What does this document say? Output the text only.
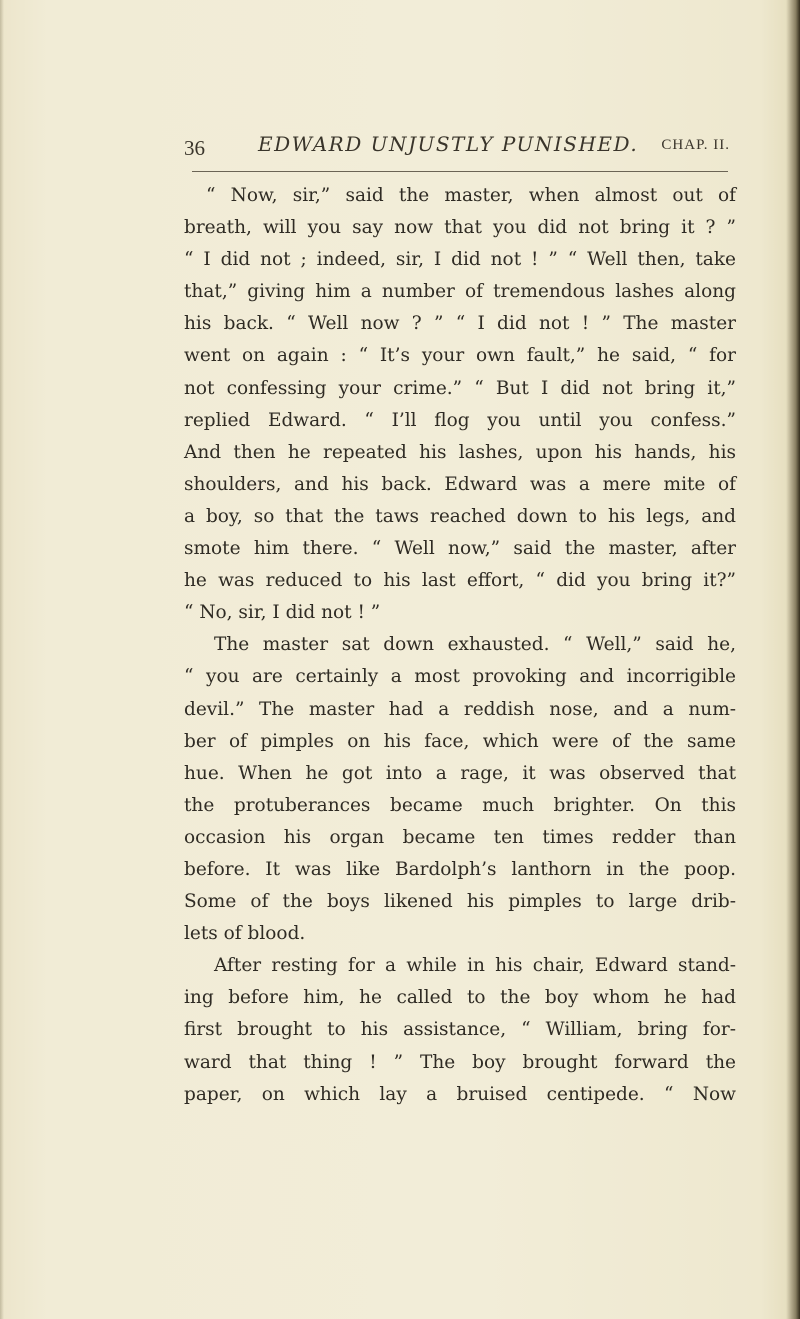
36	EDWARD UNJUSTLY PUNISHED. CHAP. II.
“ Now, sir,” said the master, when almost out of
breath, will you say now that you did not bring it ? ”
“ I did not ; indeed, sir, I did not ! ” “ Well then, take
that,” giving him a number of tremendous lashes along
his back. “ Well now ? ” “ I did not ! ” The master
went on again : “ It’s your own fault,” he said, “ for
not confessing your crime.” “ But I did not bring it,”
replied Edward. “ I’ll flog you until you confess.”
And then he repeated his lashes, upon his hands, his
shoulders, and his back. Edward was a mere mite of
a boy, so that the taws reached down to his legs, and
smote him there. “ Well now,” said the master, after
he was reduced to his last effort, “ did you bring it?”
“ No, sir, I did not ! ”
The master sat down exhausted. “ Well,” said he,
“ you are certainly a most provoking and incorrigible
devil.” The master had a reddish nose, and a num-
ber of pimples on his face, which were of the same
hue. When he got into a rage, it was observed that
the protuberances became much brighter. On this
occasion his organ became ten times redder than
before. It was like Bardolph’s lanthorn in the poop.
Some of the boys likened his pimples to large drib-
lets of blood.
After resting for a while in his chair, Edward stand-
ing before him, he called to the boy whom he had
first brought to his assistance, “ William, bring for-
ward that thing ! ” The boy brought forward the
paper, on which lay a bruised centipede. “ Now
